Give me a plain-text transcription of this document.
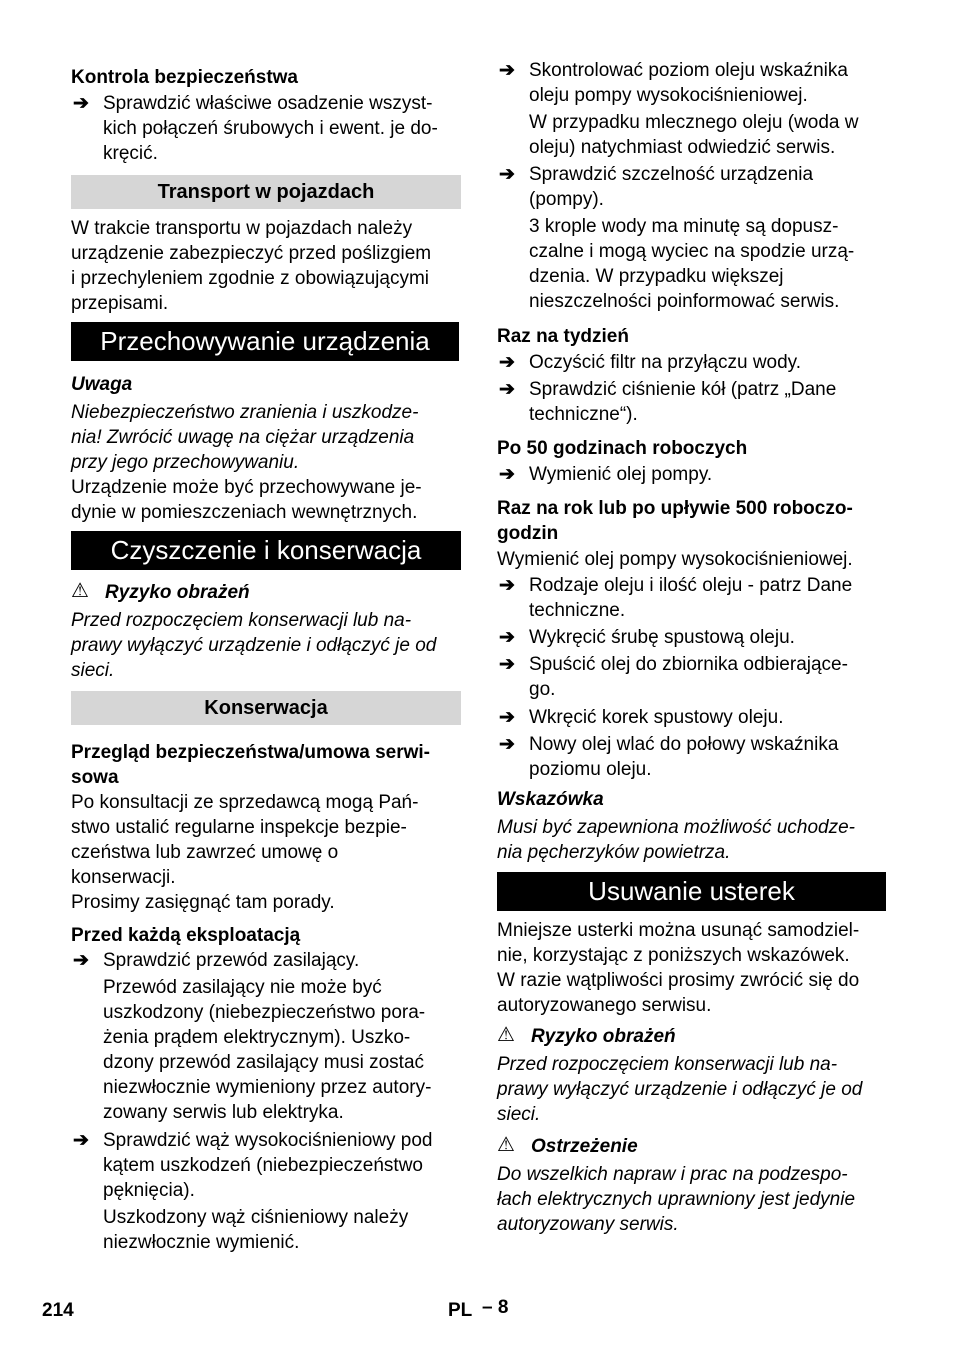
Kontrola bezpieczeństwa
➔ Sprawdzić właściwe osadzenie wszyst-
kich połączeń śrubowych i ewent. je do-
kręcić.
Transport w pojazdach
W trakcie transportu w pojazdach należy
urządzenie zabezpieczyć przed poślizgiem
i przechyleniem zgodnie z obowiązującymi
przepisami.
Przechowywanie urządzenia
Uwaga
Niebezpieczeństwo zranienia i uszkodze-
nia! Zwrócić uwagę na ciężar urządzenia
przy jego przechowywaniu.
Urządzenie może być przechowywane je-
dynie w pomieszczeniach wewnętrznych.
Czyszczenie i konserwacja
⚠ Ryzyko obrażeń
Przed rozpoczęciem konserwacji lub na-
prawy wyłączyć urządzenie i odłączyć je od
sieci.
Konserwacja
Przegląd bezpieczeństwa/umowa serwi-
sowa
Po konsultacji ze sprzedawcą mogą Pań-
stwo ustalić regularne inspekcje bezpie-
czeństwa lub zawrzeć umowę o
konserwacji.
Prosimy zasięgnąć tam porady.
Przed każdą eksploatacją
➔ Sprawdzić przewód zasilający.
Przewód zasilający nie może być
uszkodzony (niebezpieczeństwo pora-
żenia prądem elektrycznym). Uszko-
dzony przewód zasilający musi zostać
niezwłocznie wymieniony przez autory-
zowany serwis lub elektryka.
➔ Sprawdzić wąż wysokociśnieniowy pod
kątem uszkodzeń (niebezpieczeństwo
pęknięcia).
Uszkodzony wąż ciśnieniowy należy
niezwłocznie wymienić.
➔ Skontrolować poziom oleju wskaźnika
oleju pompy wysokociśnieniowej.
W przypadku mlecznego oleju (woda w
oleju) natychmiast odwiedzić serwis.
➔ Sprawdzić szczelność urządzenia
(pompy).
3 krople wody ma minutę są dopusz-
czalne i mogą wyciec na spodzie urzą-
dzenia. W przypadku większej
nieszczelności poinformować serwis.
Raz na tydzień
➔ Oczyścić filtr na przyłączu wody.
➔ Sprawdzić ciśnienie kół (patrz „Dane
techniczne“).
Po 50 godzinach roboczych
➔ Wymienić olej pompy.
Raz na rok lub po upływie 500 roboczo-
godzin
Wymienić olej pompy wysokociśnieniowej.
➔ Rodzaje oleju i ilość oleju - patrz Dane
techniczne.
➔ Wykręcić śrubę spustową oleju.
➔ Spuścić olej do zbiornika odbierające-
go.
➔ Wkręcić korek spustowy oleju.
➔ Nowy olej wlać do połowy wskaźnika
poziomu oleju.
Wskazówka
Musi być zapewniona możliwość uchodze-
nia pęcherzyków powietrza.
Usuwanie usterek
Mniejsze usterki można usunąć samodziel-
nie, korzystając z poniższych wskazówek.
W razie wątpliwości prosimy zwrócić się do
autoryzowanego serwisu.
⚠ Ryzyko obrażeń
Przed rozpoczęciem konserwacji lub na-
prawy wyłączyć urządzenie i odłączyć je od
sieci.
⚠ Ostrzeżenie
Do wszelkich napraw i prac na podzespo-
łach elektrycznych uprawniony jest jedynie
autoryzowany serwis.
214	PL – 8
